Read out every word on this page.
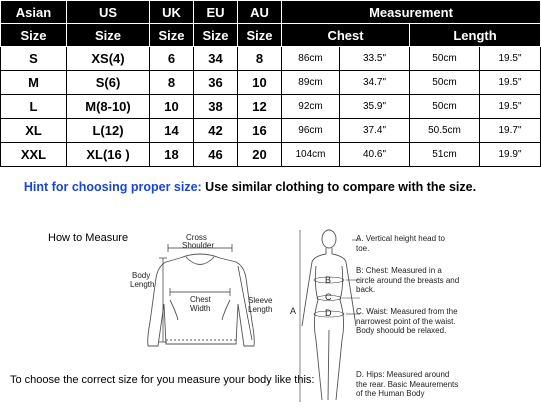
Asian	US	UK	EU	AU	Measurement			
Size	Size	Size	Size	Size	Chest		Length	
S	XS(4)	6	34	8	86cm	33.5"	50cm	19.5"
M	S(6)	8	36	10	89cm	34.7"	50cm	19.5"
L	M(8-10)	10	38	12	92cm	35.9"	50cm	19.5"
XL	L(12)	14	42	16	96cm	37.4"	50.5cm	19.7"
XXL	XL(16 )	18	46	20	104cm	40.6"	51cm	19.9"
Hint for choosing proper size: Use similar clothing to compare with the size.
How to Measure
To choose the correct size for you measure your body like this:
Cross
Shoulder
Body
Length
Chest
Width
Sleeve
Length A
B
C
D
A. Vertical height head to toe.
B: Chest: Measured in a circle around the breasts and back.
C. Waist: Measured from the narrowest point of the waist. Body shoould be relaxed.
D. Hips: Measured around the rear. Basic Meaurements of the Human Body
